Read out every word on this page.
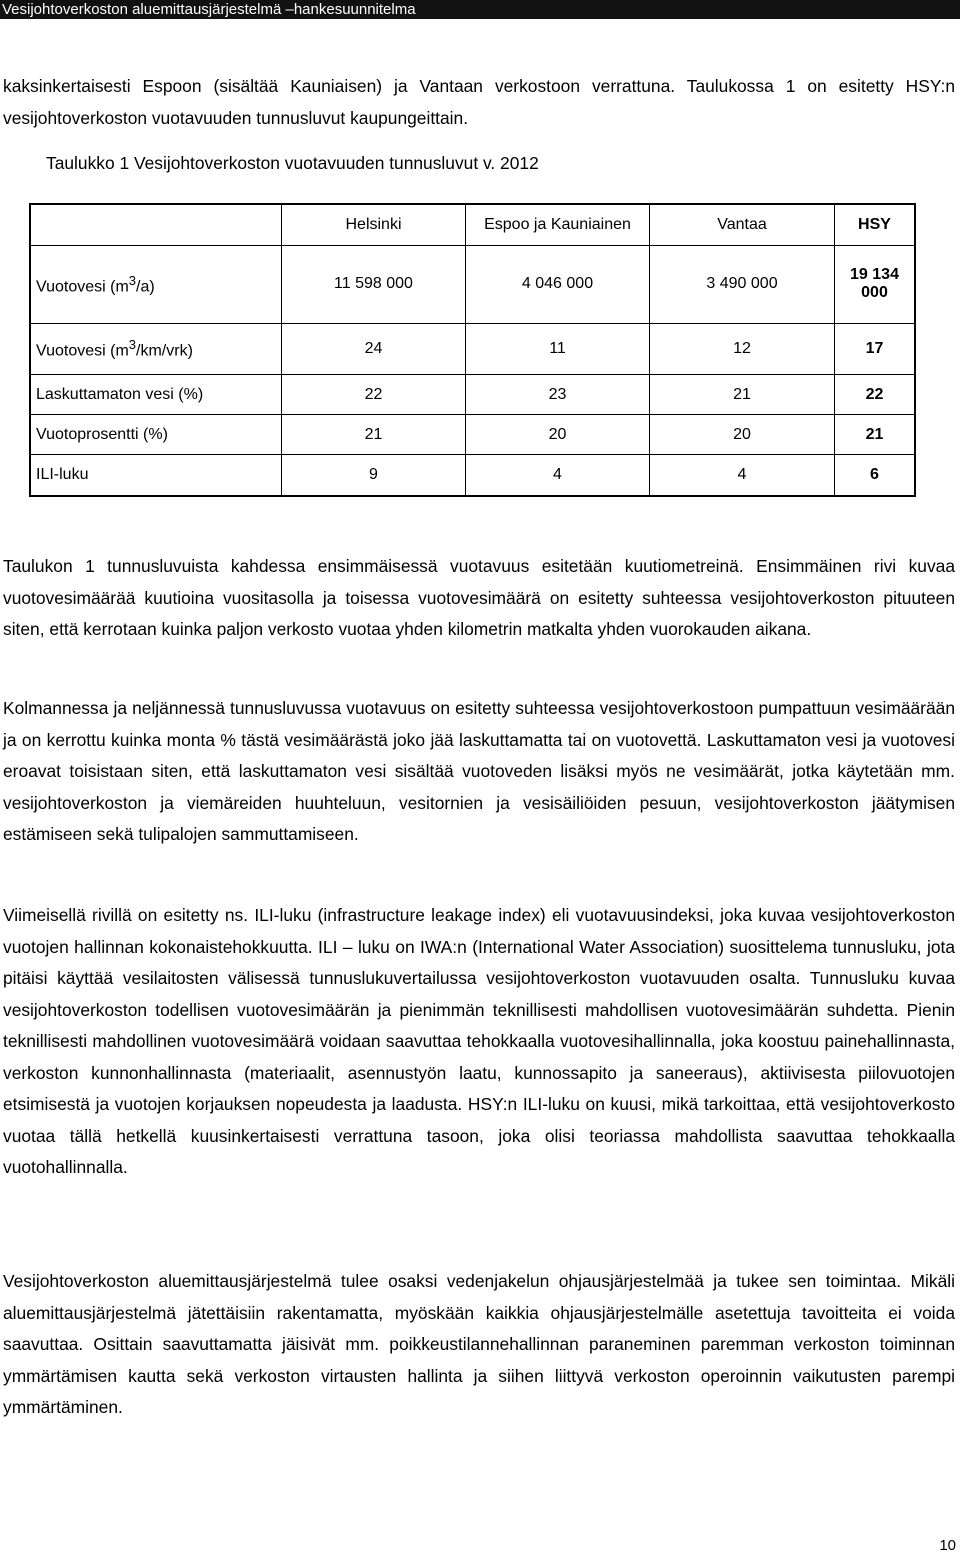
Vesijohtoverkoston aluemittausjärjestelmä –hankesuunnitelma

kaksinkertaisesti Espoon (sisältää Kauniaisen) ja Vantaan verkostoon verrattuna. Taulukossa 1 on esitetty HSY:n vesijohtoverkoston vuotavuuden tunnusluvut kaupungeittain.

Taulukko 1 Vesijohtoverkoston vuotavuuden tunnusluvut v. 2012
	Helsinki	Espoo ja Kauniainen	Vantaa	HSY
Vuotovesi $(m^3/a)$	11 598 000	4 046 000	3 490 000	19 134 000
Vuotovesi $(m^3/km/vrk)$	24	11	12	17
Laskuttamaton vesi (%)	22	23	21	22
Vuotoprosentti (%)	21	20	20	21
ILI-luku	9	4	4	6

Taulukon 1 tunnusluvuista kahdessa ensimmäisessä vuotavuus esitetään kuutiometreinä. Ensimmäinen rivi kuvaa vuotovesimäärää kuutioina vuositasolla ja toisessa vuotovesimäärä on esitetty suhteessa vesijohtoverkoston pituuteen siten, että kerrotaan kuinka paljon verkosto vuotaa yhden kilometrin matkalta yhden vuorokauden aikana.

Kolmannessa ja neljännessä tunnusluvussa vuotavuus on esitetty suhteessa vesijohtoverkostoon pumpattuun vesimäärään ja on kerrottu kuinka monta % tästä vesimäärästä joko jää laskuttamatta tai on vuotovettä. Laskuttamaton vesi ja vuotovesi eroavat toisistaan siten, että laskuttamaton vesi sisältää vuotoveden lisäksi myös ne vesimäärät, jotka käytetään mm. vesijohtoverkoston ja viemäreiden huuhteluun, vesitornien ja vesisäiliöiden pesuun, vesijohtoverkoston jäätymisen estämiseen sekä tulipalojen sammuttamiseen.

Viimeisellä rivillä on esitetty ns. ILI-luku (infrastructure leakage index) eli vuotavuusindeksi, joka kuvaa vesijohtoverkoston vuotojen hallinnan kokonaistehokkuutta. ILI – luku on IWA:n (International Water Association) suosittelema tunnusluku, jota pitäisi käyttää vesilaitosten välisessä tunnuslukuvertailussa vesijohtoverkoston vuotavuuden osalta. Tunnusluku kuvaa vesijohtoverkoston todellisen vuotovesimäärän ja pienimmän teknillisesti mahdollisen vuotovesimäärän suhdetta. Pienin teknillisesti mahdollinen vuotovesimäärä voidaan saavuttaa tehokkaalla vuotovesihallinnalla, joka koostuu painehallinnasta, verkoston kunnonhallinnasta (materiaalit, asennustyön laatu, kunnossapito ja saneeraus), aktiivisesta piilovuotojen etsimisestä ja vuotojen korjauksen nopeudesta ja laadusta. HSY:n ILI-luku on kuusi, mikä tarkoittaa, että vesijohtoverkosto vuotaa tällä hetkellä kuusinkertaisesti verrattuna tasoon, joka olisi teoriassa mahdollista saavuttaa tehokkaalla vuotohallinnalla.

Vesijohtoverkoston aluemittausjärjestelmä tulee osaksi vedenjakelun ohjausjärjestelmää ja tukee sen toimintaa. Mikäli aluemittausjärjestelmä jätettäisiin rakentamatta, myöskään kaikkia ohjausjärjestelmälle asetettuja tavoitteita ei voida saavuttaa. Osittain saavuttamatta jäisivät mm. poikkeustilannehallinnan paraneminen paremman verkoston toiminnan ymmärtämisen kautta sekä verkoston virtausten hallinta ja siihen liittyvä verkoston operoinnin vaikutusten parempi ymmärtäminen.

10
